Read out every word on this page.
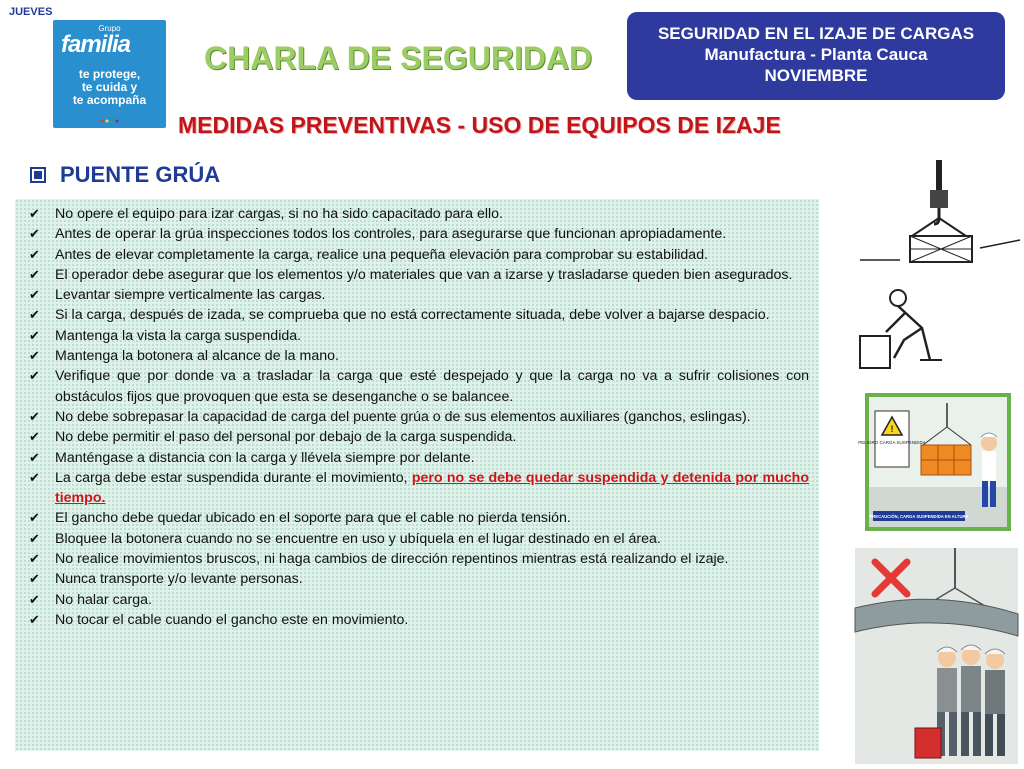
JUEVES
Grupo
familia
te protege,
te cuida y
te acompaña
CHARLA DE SEGURIDAD
SEGURIDAD EN EL IZAJE DE CARGAS
Manufactura - Planta Cauca
NOVIEMBRE
MEDIDAS PREVENTIVAS - USO DE EQUIPOS DE IZAJE
PUENTE GRÚA
✔ No opere el equipo para izar cargas, si no ha sido capacitado para ello.
✔ Antes de operar la grúa inspecciones todos los controles, para asegurarse que funcionan apropiadamente.
✔ Antes de elevar completamente la carga, realice una pequeña elevación para comprobar su estabilidad.
✔ El operador debe asegurar que los elementos y/o materiales que van a izarse y trasladarse queden bien asegurados.
✔ Levantar siempre verticalmente las cargas.
✔ Si la carga, después de izada, se comprueba que no está correctamente situada, debe volver a bajarse despacio.
✔ Mantenga la vista la carga suspendida.
✔ Mantenga la botonera al alcance de la mano.
✔ Verifique que por donde va a trasladar la carga que esté despejado y que la carga no va a sufrir colisiones con obstáculos fijos que provoquen que esta se desenganche o se balancee.
✔ No debe sobrepasar la capacidad de carga del puente grúa o de sus elementos auxiliares (ganchos, eslingas).
✔ No debe permitir el paso del personal por debajo de la carga suspendida.
✔ Manténgase a distancia con la carga y llévela siempre por delante.
✔ La carga debe estar suspendida durante el movimiento, pero no se debe quedar suspendida y detenida por mucho tiempo.
✔ El gancho debe quedar ubicado en el soporte para que el cable no pierda tensión.
✔ Bloquee la botonera cuando no se encuentre en uso y ubíquela en el lugar destinado en el área.
✔ No realice movimientos bruscos, ni haga cambios de dirección repentinos mientras está realizando el izaje.
✔ Nunca transporte y/o levante personas.
✔ No halar carga.
✔ No tocar el cable cuando el gancho este en movimiento.
!
PELIGRO CARGA SUSPENDIDA
PRECAUCIÓN, CARGA SUSPENDIDA EN ALTURA
